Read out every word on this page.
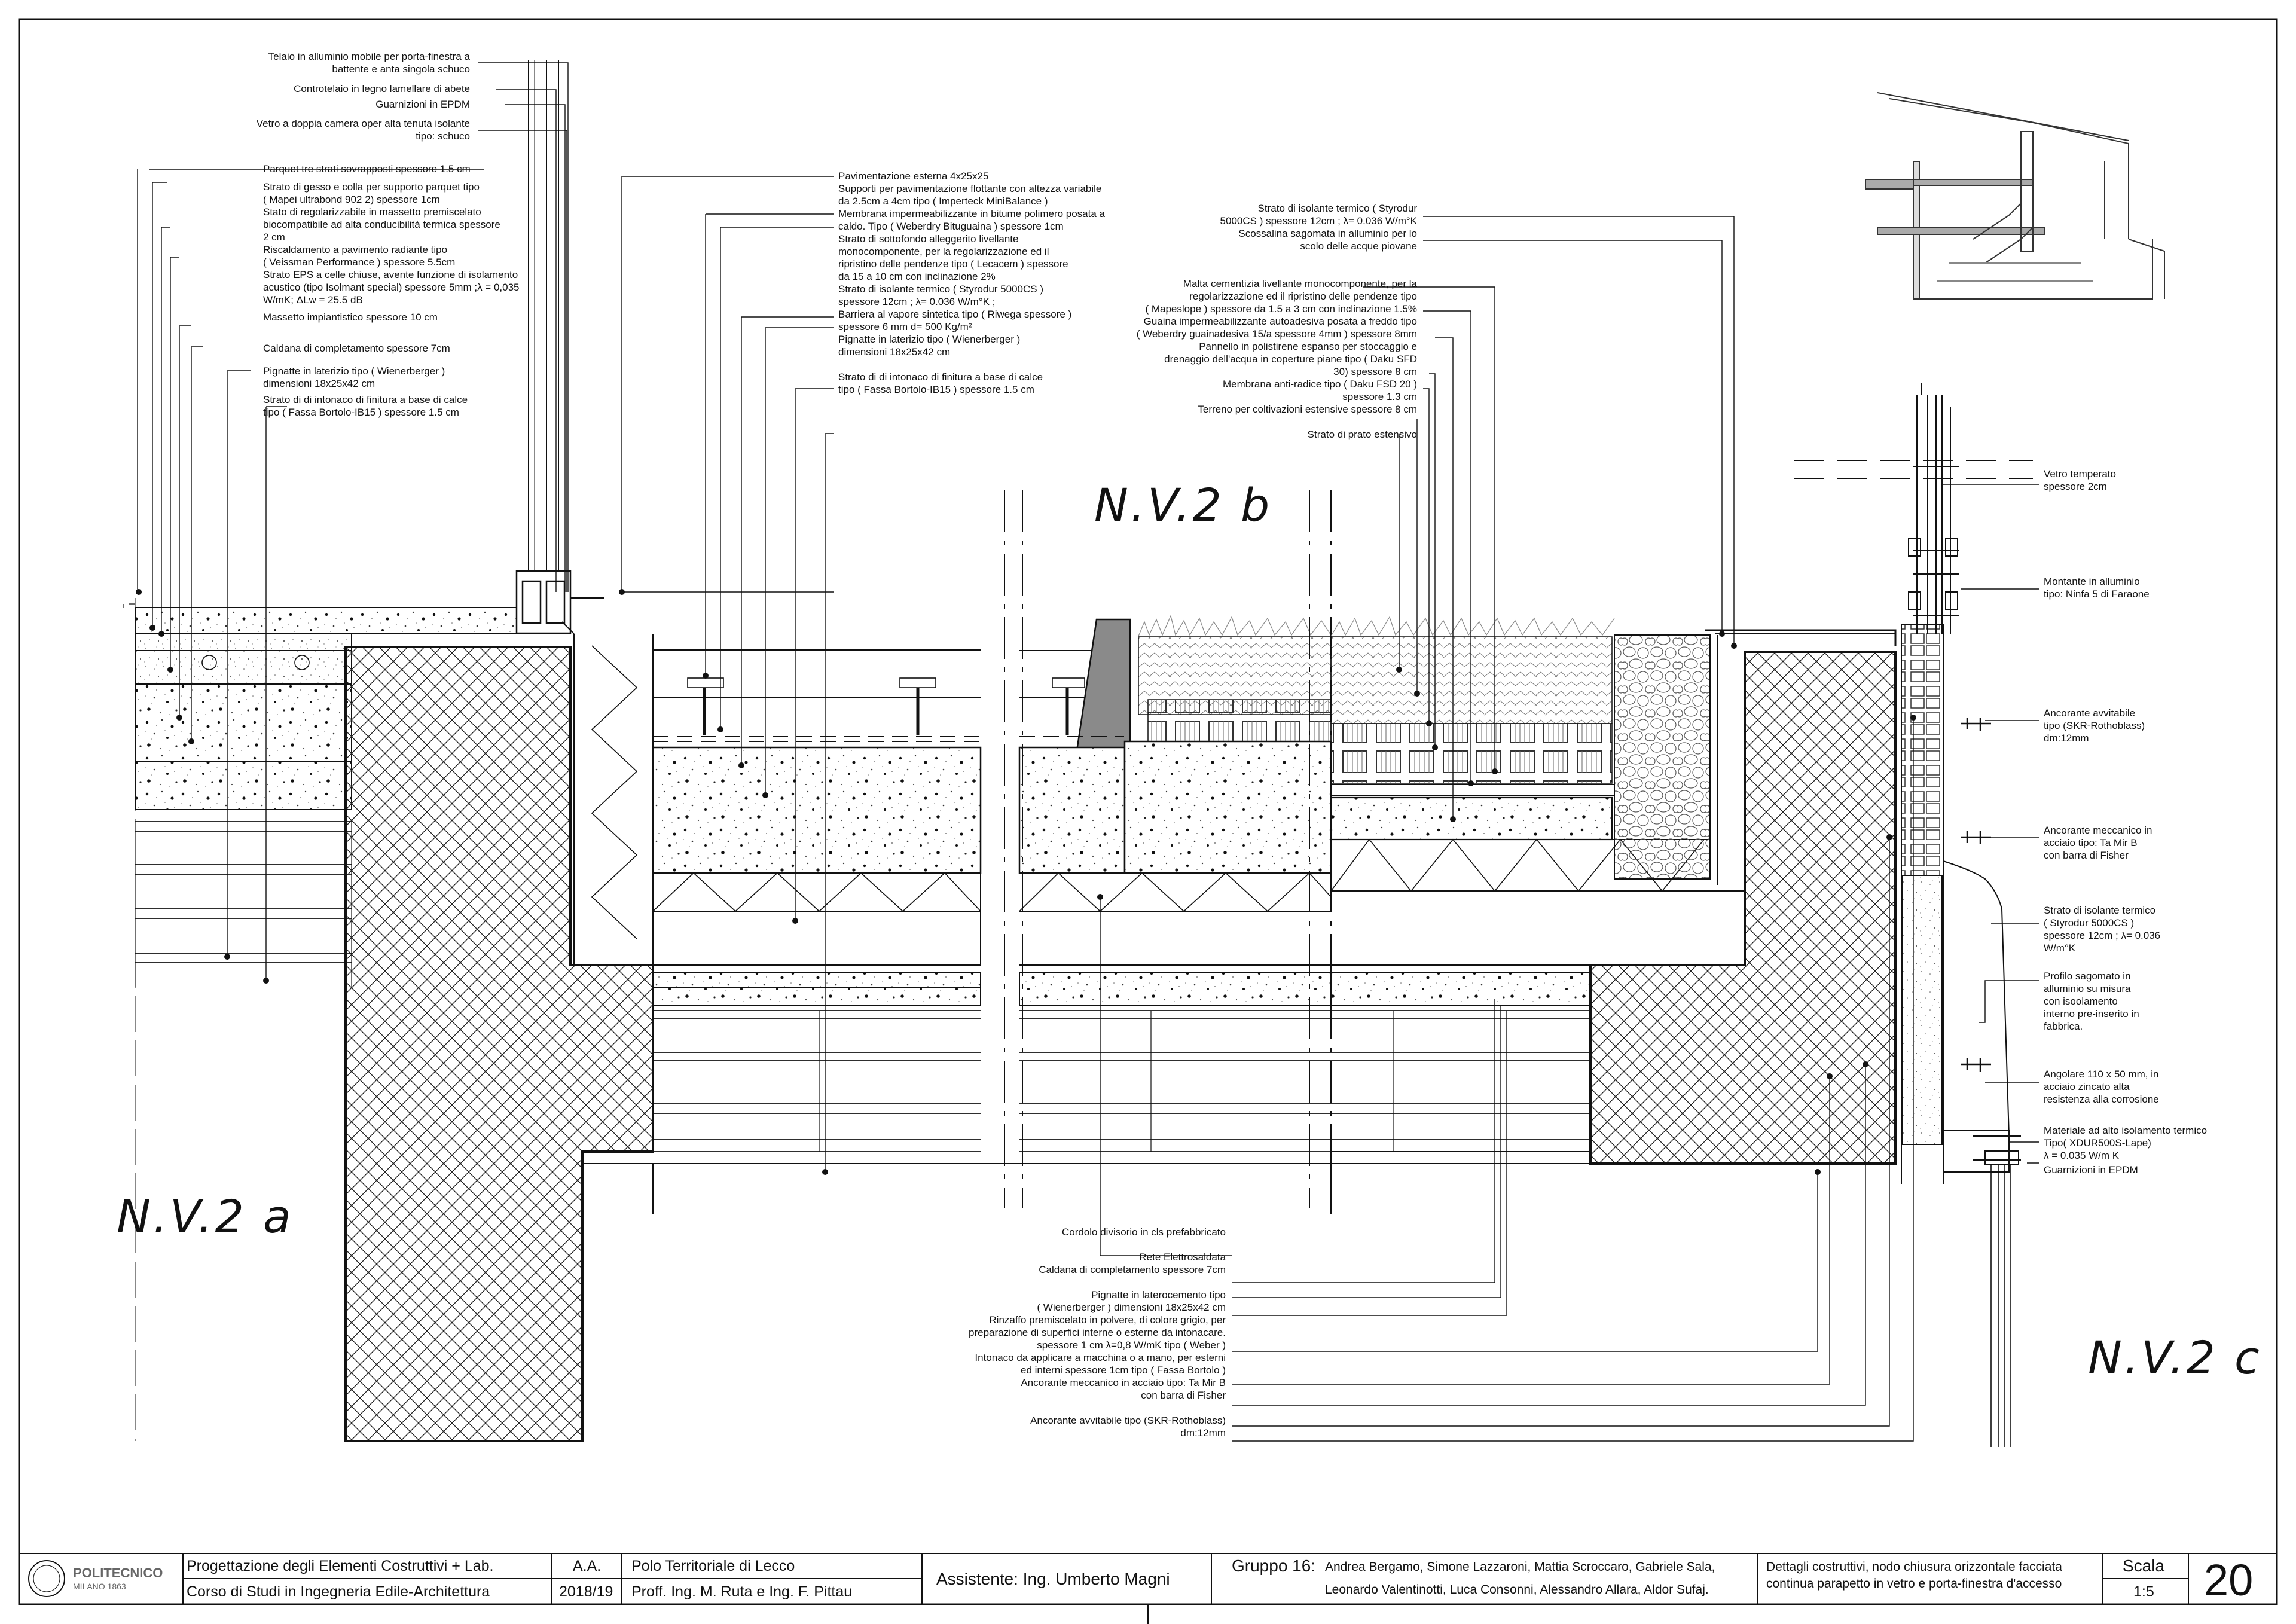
N.V.2 a
N.V.2 b
N.V.2 c
Telaio in alluminio mobile per porta-finestra a
battente e anta singola schuco
Controtelaio in legno lamellare di abete
Guarnizioni in EPDM
Vetro a doppia camera oper alta tenuta isolante
tipo: schuco
Parquet tre strati sovrapposti spessore 1.5 cm
Strato di gesso e colla per supporto parquet tipo
( Mapei ultrabond 902 2) spessore 1cm
Stato di regolarizzabile in massetto premiscelato
biocompatibile ad alta conducibilità termica spessore
2 cm
Riscaldamento a pavimento radiante tipo
( Veissman Performance ) spessore 5.5cm
Strato EPS a celle chiuse, avente funzione di isolamento
acustico (tipo Isolmant special) spessore 5mm ;λ = 0,035
W/mK; ΔLw = 25.5 dB
Massetto impiantistico spessore 10 cm
Caldana di completamento spessore 7cm
Pignatte in laterizio tipo ( Wienerberger )
dimensioni 18x25x42 cm
Strato di di intonaco di finitura a base di calce
tipo ( Fassa Bortolo-IB15 ) spessore 1.5 cm
Pavimentazione esterna 4x25x25
Supporti per pavimentazione flottante con altezza variabile
da 2.5cm a 4cm tipo ( Imperteck MiniBalance )
Membrana impermeabilizzante in bitume polimero posata a
caldo. Tipo ( Weberdry Bituguaina ) spessore 1cm
Strato di sottofondo alleggerito livellante
monocomponente, per la regolarizzazione ed il
ripristino delle pendenze tipo ( Lecacem ) spessore
da 15 a 10 cm con inclinazione 2%
Strato di isolante termico ( Styrodur 5000CS )
spessore 12cm ; λ= 0.036 W/m°K ;
Barriera al vapore sintetica tipo ( Riwega spessore )
spessore 6 mm d= 500 Kg/m²
Pignatte in laterizio tipo ( Wienerberger )
dimensioni 18x25x42 cm

Strato di di intonaco di finitura a base di calce
tipo ( Fassa Bortolo-IB15 ) spessore 1.5 cm
Strato di isolante termico ( Styrodur
5000CS ) spessore 12cm ; λ= 0.036 W/m°K
Scossalina sagomata in alluminio per lo
scolo delle acque piovane

Malta cementizia livellante monocomponente, per la
regolarizzazione ed il ripristino delle pendenze tipo
( Mapeslope ) spessore da 1.5 a 3 cm con inclinazione 1.5%
Guaina impermeabilizzante autoadesiva posata a freddo tipo
( Weberdry guainadesiva 15/a spessore 4mm ) spessore 8mm
Pannello in polistirene espanso per stoccaggio e
drenaggio dell'acqua in coperture piane tipo ( Daku SFD
30) spessore 8 cm
Membrana anti-radice tipo ( Daku FSD 20 )
spessore 1.3 cm
Terreno per coltivazioni estensive spessore 8 cm

Strato di prato estensivo
Vetro temperato
spessore 2cm
Montante in alluminio
tipo: Ninfa 5 di Faraone
Ancorante avvitabile
tipo (SKR-Rothoblass)
dm:12mm
Ancorante meccanico in
acciaio tipo: Ta Mir B
con barra di Fisher
Strato di isolante termico
( Styrodur 5000CS )
spessore 12cm ; λ= 0.036
W/m°K
Profilo sagomato in
alluminio su misura
con isoolamento
interno pre-inserito in
fabbrica.
Angolare 110 x 50 mm, in
acciaio zincato alta
resistenza alla corrosione
Materiale ad alto isolamento termico
Tipo( XDUR500S-Lape)
λ = 0.035 W/m K
Guarnizioni in EPDM
Cordolo divisorio in cls prefabbricato

Rete Elettrosaldata
Caldana di completamento spessore 7cm

Pignatte in laterocemento tipo
( Wienerberger ) dimensioni 18x25x42 cm
Rinzaffo premiscelato in polvere, di colore grigio, per
preparazione di superfici interne o esterne da intonacare.
spessore 1 cm λ=0,8 W/mK tipo ( Weber )
Intonaco da applicare a macchina o a mano, per esterni
ed interni spessore 1cm tipo ( Fassa Bortolo )
Ancorante meccanico in acciaio tipo: Ta Mir B
con barra di Fisher

Ancorante avvitabile tipo (SKR-Rothoblass)
dm:12mm
POLITECNICO
MILANO 1863
Progettazione degli Elementi Costruttivi + Lab.
Corso di Studi in Ingegneria Edile-Architettura
A.A.
2018/19
Polo Territoriale di Lecco
Proff. Ing. M. Ruta e Ing. F. Pittau
Assistente: Ing. Umberto Magni
Gruppo 16: Andrea Bergamo, Simone Lazzaroni, Mattia Scroccaro, Gabriele Sala,
Leonardo Valentinotti, Luca Consonni, Alessandro Allara, Aldor Sufaj.
Dettagli costruttivi, nodo chiusura orizzontale facciata
continua parapetto in vetro e porta-finestra d'accesso
Scala
1:5 20
